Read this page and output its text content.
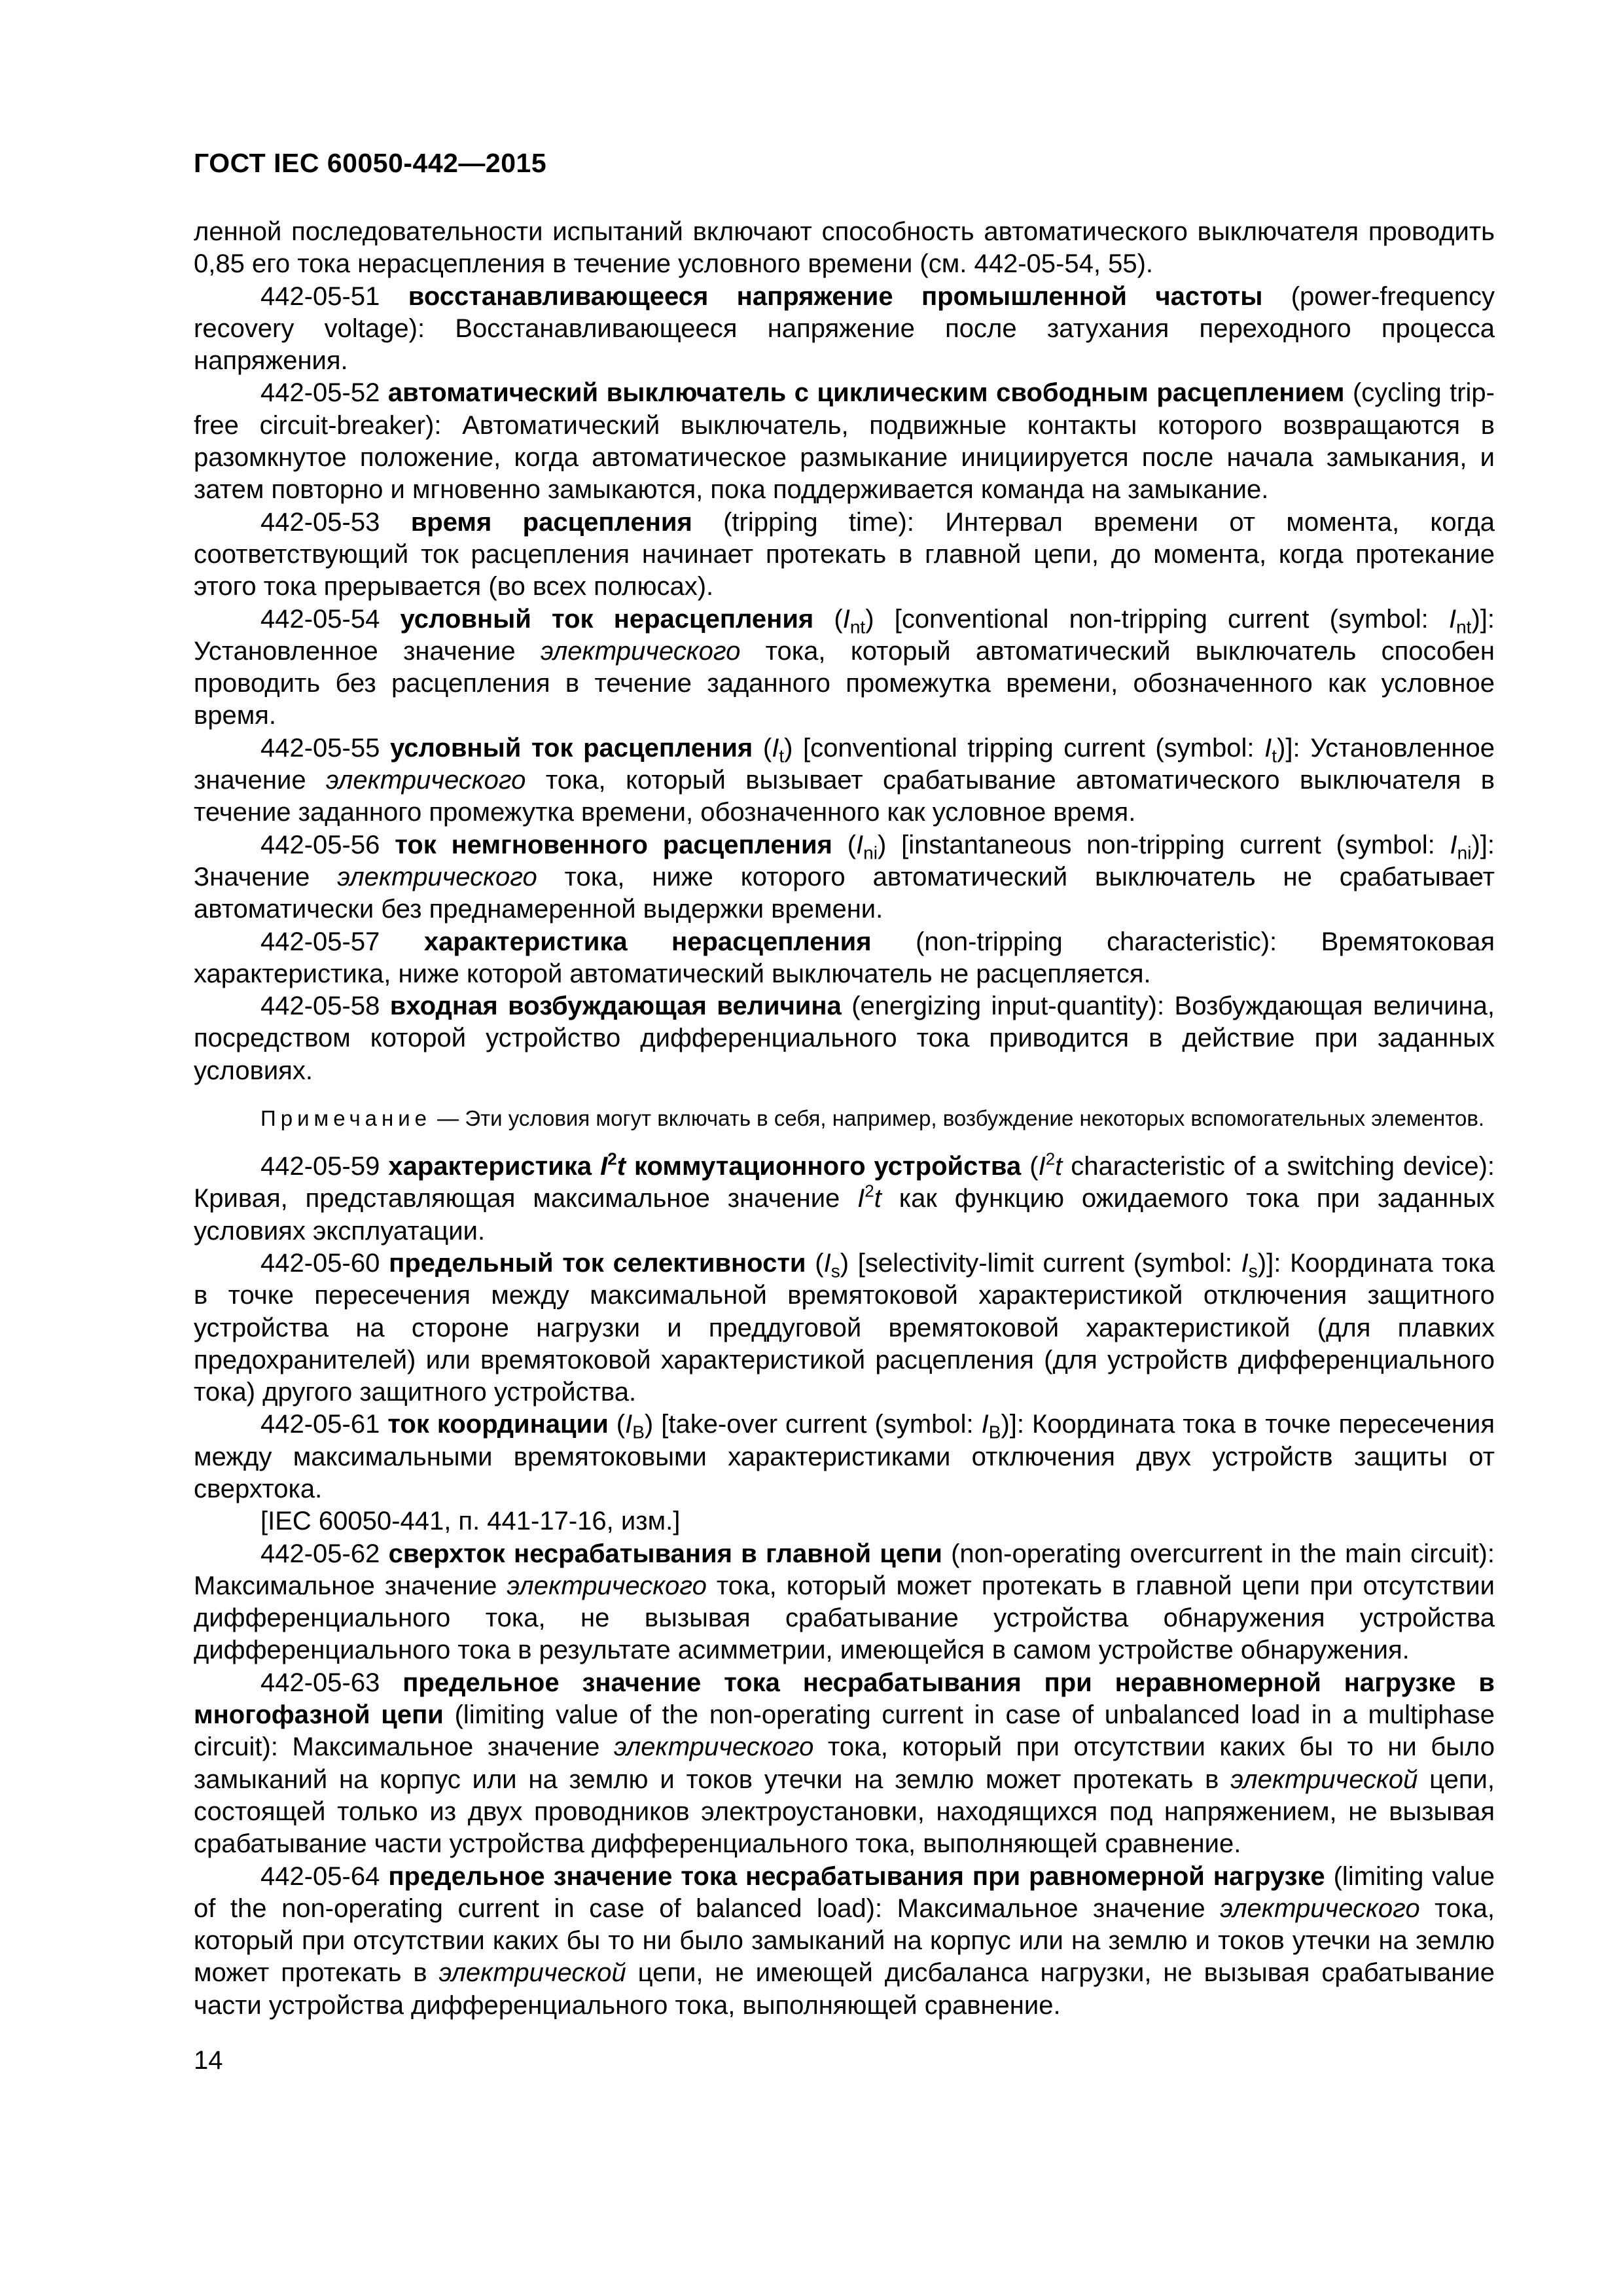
ГОСТ IEC 60050-442—2015

ленной последовательности испытаний включают способность автоматического выключателя проводить 0,85 его тока нерасцепления в течение условного времени (см. 442-05-54, 55).

442-05-51 восстанавливающееся напряжение промышленной частоты (power-frequency recovery voltage): Восстанавливающееся напряжение после затухания переходного процесса напряжения.

442-05-52 автоматический выключатель с циклическим свободным расцеплением (cycling trip-free circuit-breaker): Автоматический выключатель, подвижные контакты которого возвращаются в разомкнутое положение, когда автоматическое размыкание инициируется после начала замыкания, и затем повторно и мгновенно замыкаются, пока поддерживается команда на замыкание.

442-05-53 время расцепления (tripping time): Интервал времени от момента, когда соответствующий ток расцепления начинает протекать в главной цепи, до момента, когда протекание этого тока прерывается (во всех полюсах).

442-05-54 условный ток нерасцепления $(I_{nt})$ [conventional non-tripping current (symbol: $I_{nt}$)]: Установленное значение электрического тока, который автоматический выключатель способен проводить без расцепления в течение заданного промежутка времени, обозначенного как условное время.

442-05-55 условный ток расцепления $(I_t)$ [conventional tripping current (symbol: $I_t$)]: Установленное значение электрического тока, который вызывает срабатывание автоматического выключателя в течение заданного промежутка времени, обозначенного как условное время.

442-05-56 ток немгновенного расцепления $(I_{ni})$ [instantaneous non-tripping current (symbol: $I_{ni}$)]: Значение электрического тока, ниже которого автоматический выключатель не срабатывает автоматически без преднамеренной выдержки времени.

442-05-57 характеристика нерасцепления (non-tripping characteristic): Времятоковая характеристика, ниже которой автоматический выключатель не расцепляется.

442-05-58 входная возбуждающая величина (energizing input-quantity): Возбуждающая величина, посредством которой устройство дифференциального тока приводится в действие при заданных условиях.

Примечание — Эти условия могут включать в себя, например, возбуждение некоторых вспомогательных элементов.

442-05-59 характеристика $I^2t$ коммутационного устройства ($I^2t$ characteristic of a switching device): Кривая, представляющая максимальное значение $I^2t$ как функцию ожидаемого тока при заданных условиях эксплуатации.

442-05-60 предельный ток селективности $(I_s)$ [selectivity-limit current (symbol: $I_s$)]: Координата тока в точке пересечения между максимальной времятоковой характеристикой отключения защитного устройства на стороне нагрузки и преддуговой времятоковой характеристикой (для плавких предохранителей) или времятоковой характеристикой расцепления (для устройств дифференциального тока) другого защитного устройства.

442-05-61 ток координации $(I_B)$ [take-over current (symbol: $I_B$)]: Координата тока в точке пересечения между максимальными времятоковыми характеристиками отключения двух устройств защиты от сверхтока.

[IEC 60050-441, п. 441-17-16, изм.]

442-05-62 сверхток несрабатывания в главной цепи (non-operating overcurrent in the main circuit): Максимальное значение электрического тока, который может протекать в главной цепи при отсутствии дифференциального тока, не вызывая срабатывание устройства обнаружения устройства дифференциального тока в результате асимметрии, имеющейся в самом устройстве обнаружения.

442-05-63 предельное значение тока несрабатывания при неравномерной нагрузке в многофазной цепи (limiting value of the non-operating current in case of unbalanced load in a multiphase circuit): Максимальное значение электрического тока, который при отсутствии каких бы то ни было замыканий на корпус или на землю и токов утечки на землю может протекать в электрической цепи, состоящей только из двух проводников электроустановки, находящихся под напряжением, не вызывая срабатывание части устройства дифференциального тока, выполняющей сравнение.

442-05-64 предельное значение тока несрабатывания при равномерной нагрузке (limiting value of the non-operating current in case of balanced load): Максимальное значение электрического тока, который при отсутствии каких бы то ни было замыканий на корпус или на землю и токов утечки на землю может протекать в электрической цепи, не имеющей дисбаланса нагрузки, не вызывая срабатывание части устройства дифференциального тока, выполняющей сравнение.

14
